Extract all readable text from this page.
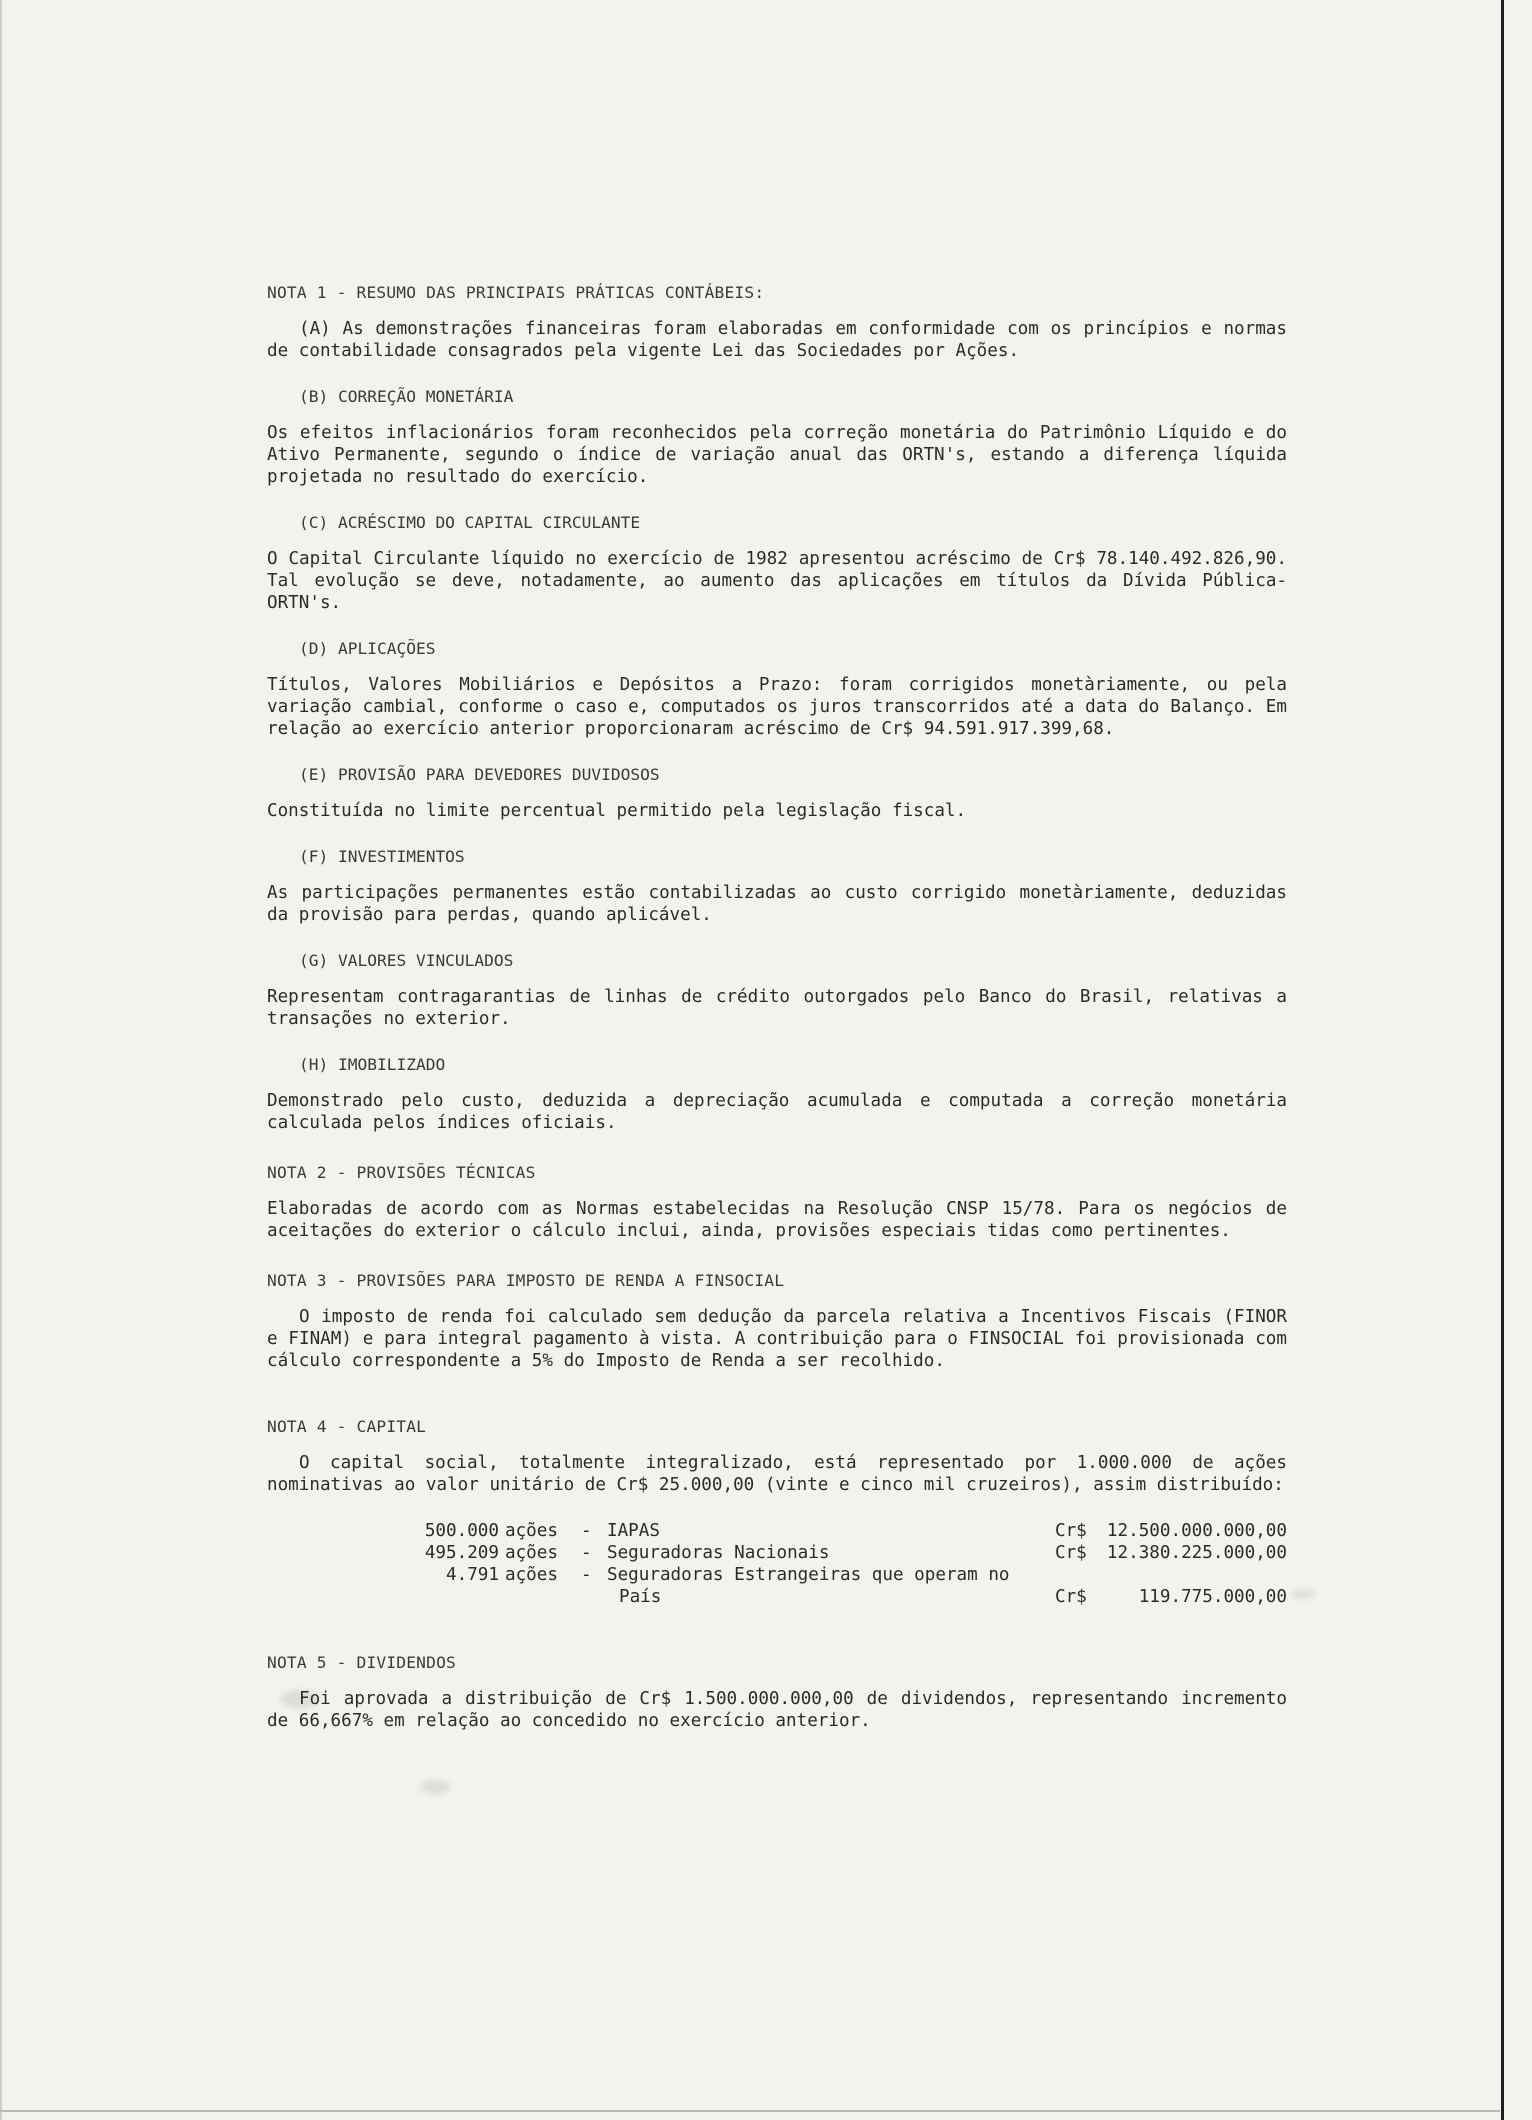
NOTA 1 - RESUMO DAS PRINCIPAIS PRÁTICAS CONTÁBEIS:

(A) As demonstrações financeiras foram elaboradas em conformidade com os princípios e normas de contabilidade consagrados pela vigente Lei das Sociedades por Ações.

(B) CORREÇÃO MONETÁRIA

Os efeitos inflacionários foram reconhecidos pela correção monetária do Patrimônio Líquido e do Ativo Permanente, segundo o índice de variação anual das ORTN's, estando a diferença líquida projetada no resultado do exercício.

(C) ACRÉSCIMO DO CAPITAL CIRCULANTE

O Capital Circulante líquido no exercício de 1982 apresentou acréscimo de Cr$ 78.140.492.826,90. Tal evolução se deve, notadamente, ao aumento das aplicações em títulos da Dívida Pública-ORTN's.

(D) APLICAÇÕES

Títulos, Valores Mobiliários e Depósitos a Prazo: foram corrigidos monetàriamente, ou pela variação cambial, conforme o caso e, computados os juros transcorridos até a data do Balanço. Em relação ao exercício anterior proporcionaram acréscimo de Cr$ 94.591.917.399,68.

(E) PROVISÃO PARA DEVEDORES DUVIDOSOS

Constituída no limite percentual permitido pela legislação fiscal.

(F) INVESTIMENTOS

As participações permanentes estão contabilizadas ao custo corrigido monetàriamente, deduzidas da provisão para perdas, quando aplicável.

(G) VALORES VINCULADOS

Representam contragarantias de linhas de crédito outorgados pelo Banco do Brasil, relativas a transações no exterior.

(H) IMOBILIZADO

Demonstrado pelo custo, deduzida a depreciação acumulada e computada a correção monetária calculada pelos índices oficiais.

NOTA 2 - PROVISÕES TÉCNICAS

Elaboradas de acordo com as Normas estabelecidas na Resolução CNSP 15/78. Para os negócios de aceitações do exterior o cálculo inclui, ainda, provisões especiais tidas como pertinentes.

NOTA 3 - PROVISÕES PARA IMPOSTO DE RENDA A FINSOCIAL

O imposto de renda foi calculado sem dedução da parcela relativa a Incentivos Fiscais (FINOR e FINAM) e para integral pagamento à vista. A contribuição para o FINSOCIAL foi provisionada com cálculo correspondente a 5% do Imposto de Renda a ser recolhido.

NOTA 4 - CAPITAL

O capital social, totalmente integralizado, está representado por 1.000.000 de ações nominativas ao valor unitário de Cr$ 25.000,00 (vinte e cinco mil cruzeiros), assim distribuído:

500.000 ações	- IAPAS	Cr$ 12.500.000.000,00
495.209 ações	- Seguradoras Nacionais	Cr$ 12.380.225.000,00
4.791 ações	- Seguradoras Estrangeiras que operam no
País	Cr$	119.775.000,00
NOTA 5 - DIVIDENDOS

Foi aprovada a distribuição de Cr$ 1.500.000.000,00 de dividendos, representando incremento de 66,667% em relação ao concedido no exercício anterior.
